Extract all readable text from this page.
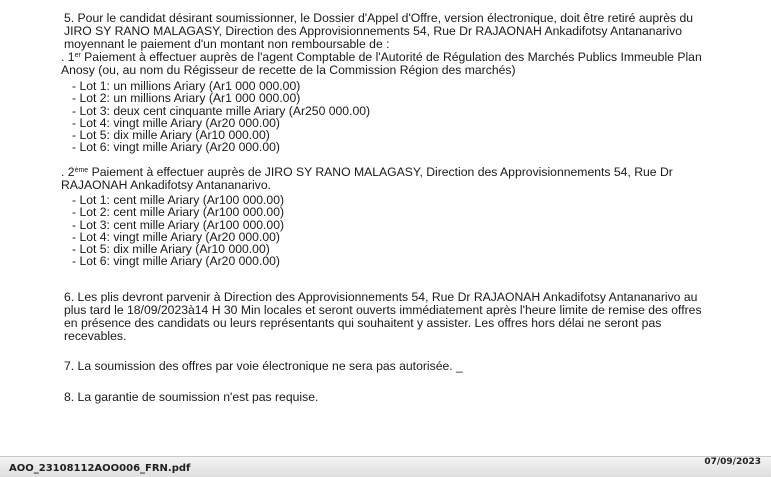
5. Pour le candidat désirant soumissionner, le Dossier d'Appel d'Offre, version électronique, doit être retiré auprès du
JIRO SY RANO MALAGASY, Direction des Approvisionnements 54, Rue Dr RAJAONAH Ankadifotsy Antananarivo
moyennant le paiement d'un montant non remboursable de :
. 1er Paiement à effectuer auprès de l'agent Comptable de l'Autorité de Régulation des Marchés Publics Immeuble Plan
Anosy (ou, au nom du Régisseur de recette de la Commission Région des marchés)
- Lot 1: un millions Ariary (Ar1 000 000.00)
- Lot 2: un millions Ariary (Ar1 000 000.00)
- Lot 3: deux cent cinquante mille Ariary (Ar250 000.00)
- Lot 4: vingt mille Ariary (Ar20 000.00)
- Lot 5: dix mille Ariary (Ar10 000.00)
- Lot 6: vingt mille Ariary (Ar20 000.00)
. 2ème Paiement à effectuer auprès de JIRO SY RANO MALAGASY, Direction des Approvisionnements 54, Rue Dr
RAJAONAH Ankadifotsy Antananarivo.
- Lot 1: cent mille Ariary (Ar100 000.00)
- Lot 2: cent mille Ariary (Ar100 000.00)
- Lot 3: cent mille Ariary (Ar100 000.00)
- Lot 4: vingt mille Ariary (Ar20 000.00)
- Lot 5: dix mille Ariary (Ar10 000.00)
- Lot 6: vingt mille Ariary (Ar20 000.00)
6. Les plis devront parvenir à Direction des Approvisionnements 54, Rue Dr RAJAONAH Ankadifotsy Antananarivo au
plus tard le 18/09/2023à14 H 30 Min locales et seront ouverts immédiatement après l'heure limite de remise des offres
en présence des candidats ou leurs représentants qui souhaitent y assister. Les offres hors délai ne seront pas
recevables.
7. La soumission des offres par voie électronique ne sera pas autorisée. _
8. La garantie de soumission n'est pas requise.
AOO_23108112AOO006_FRN.pdf
07/09/2023
